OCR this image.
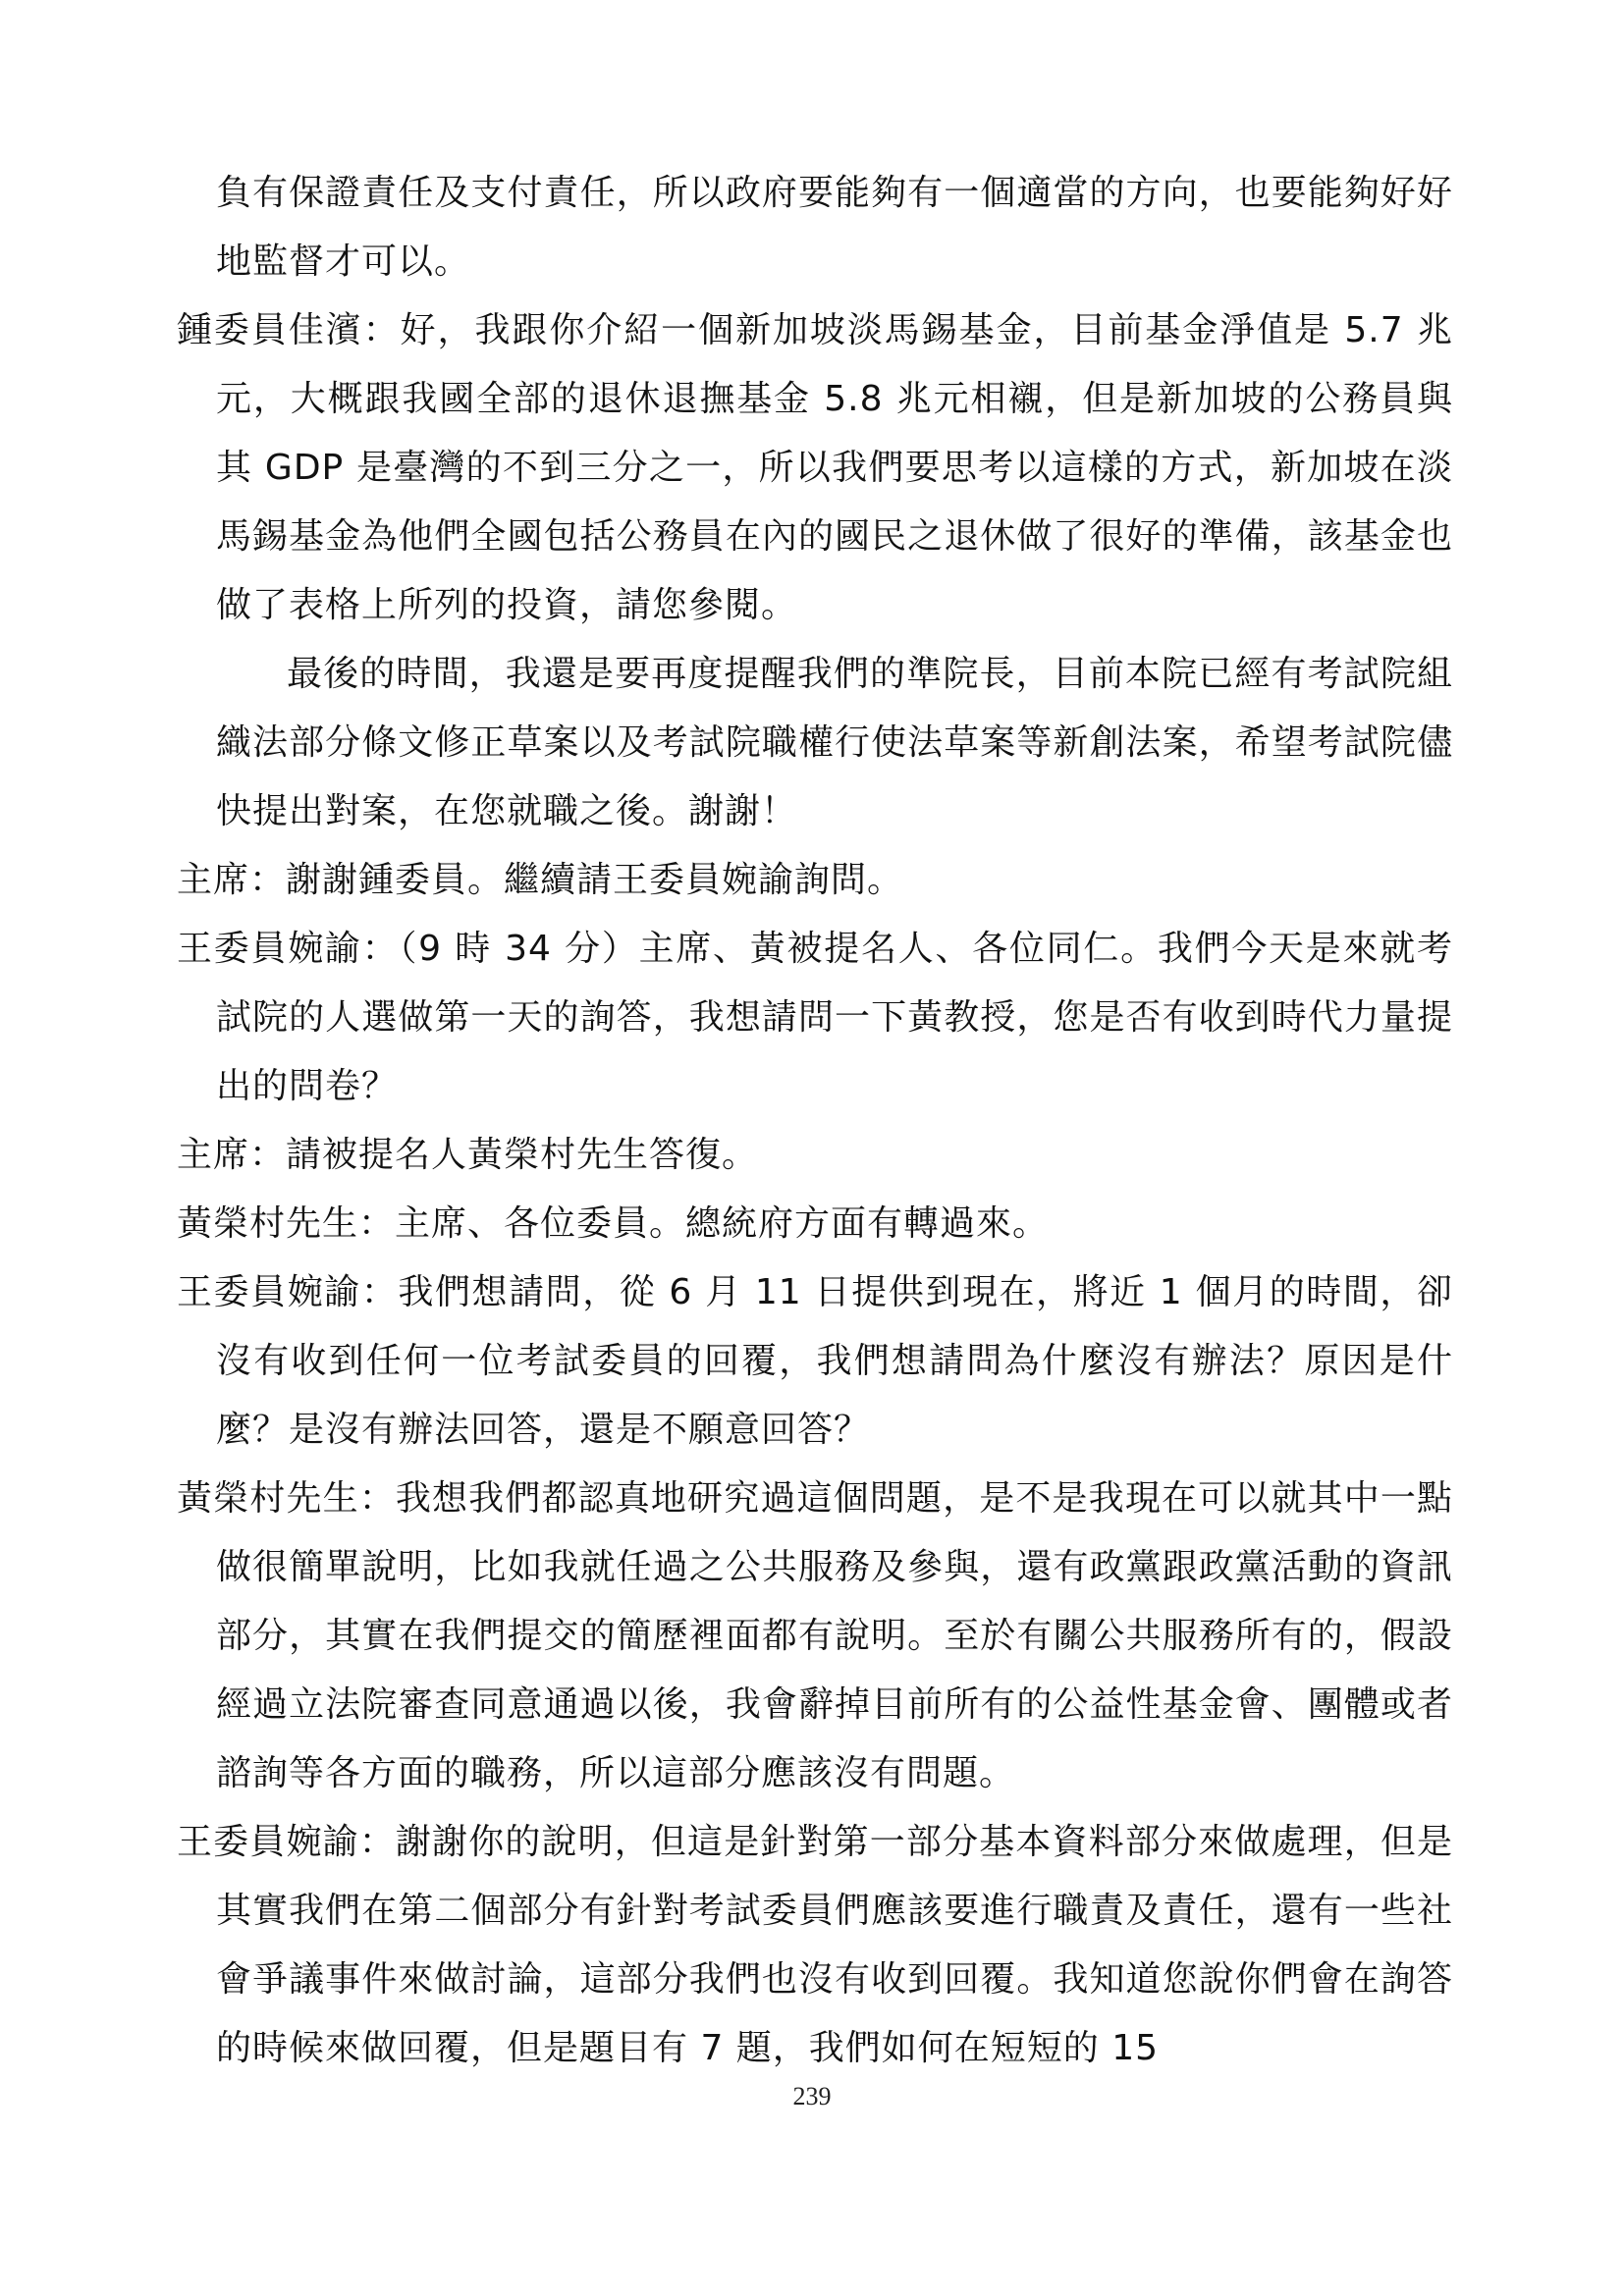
負有保證責任及支付責任，所以政府要能夠有一個適當的方向，也要能夠好好地監督才可以。

鍾委員佳濱：好，我跟你介紹一個新加坡淡馬錫基金，目前基金淨值是 5.7 兆元，大概跟我國全部的退休退撫基金 5.8 兆元相襯，但是新加坡的公務員與其 GDP 是臺灣的不到三分之一，所以我們要思考以這樣的方式，新加坡在淡馬錫基金為他們全國包括公務員在內的國民之退休做了很好的準備，該基金也做了表格上所列的投資，請您參閱。

最後的時間，我還是要再度提醒我們的準院長，目前本院已經有考試院組織法部分條文修正草案以及考試院職權行使法草案等新創法案，希望考試院儘快提出對案，在您就職之後。謝謝！

主席：謝謝鍾委員。繼續請王委員婉諭詢問。

王委員婉諭：（9 時 34 分）主席、黃被提名人、各位同仁。我們今天是來就考試院的人選做第一天的詢答，我想請問一下黃教授，您是否有收到時代力量提出的問卷？

主席：請被提名人黃榮村先生答復。

黃榮村先生：主席、各位委員。總統府方面有轉過來。

王委員婉諭：我們想請問，從 6 月 11 日提供到現在，將近 1 個月的時間，卻沒有收到任何一位考試委員的回覆，我們想請問為什麼沒有辦法？原因是什麼？是沒有辦法回答，還是不願意回答？

黃榮村先生：我想我們都認真地研究過這個問題，是不是我現在可以就其中一點做很簡單說明，比如我就任過之公共服務及參與，還有政黨跟政黨活動的資訊部分，其實在我們提交的簡歷裡面都有說明。至於有關公共服務所有的，假設經過立法院審查同意通過以後，我會辭掉目前所有的公益性基金會、團體或者諮詢等各方面的職務，所以這部分應該沒有問題。

王委員婉諭：謝謝你的說明，但這是針對第一部分基本資料部分來做處理，但是其實我們在第二個部分有針對考試委員們應該要進行職責及責任，還有一些社會爭議事件來做討論，這部分我們也沒有收到回覆。我知道您說你們會在詢答的時候來做回覆，但是題目有 7 題，我們如何在短短的 15

239
